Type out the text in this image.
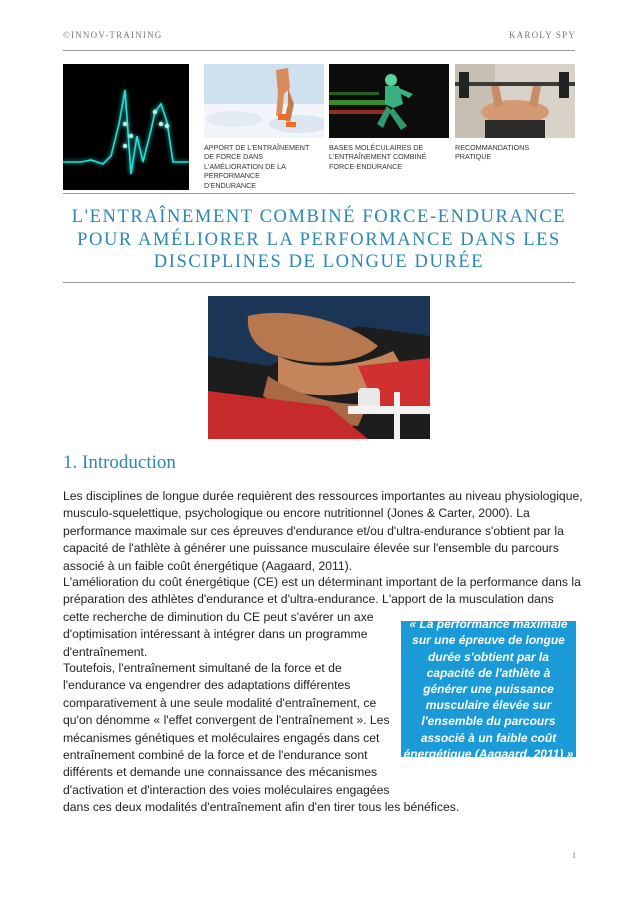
©INNOV-TRAINING	KAROLY SPY
APPORT DE L'ENTRAÎNEMENT
DE FORCE DANS
L'AMÉLIORATION DE LA
PERFORMANCE
D'ENDURANCE
BASES MOLÉCULAIRES DE
L'ENTRAÎNEMENT COMBINÉ
FORCE-ENDURANCE
RECOMMANDATIONS
PRATIQUE
L'ENTRAÎNEMENT COMBINÉ FORCE-ENDURANCE
POUR AMÉLIORER LA PERFORMANCE DANS LES
DISCIPLINES DE LONGUE DURÉE
1. Introduction
Les disciplines de longue durée requièrent des ressources importantes au niveau physiologique,
musculo-squelettique, psychologique ou encore nutritionnel (Jones & Carter, 2000). La
performance maximale sur ces épreuves d'endurance et/ou d'ultra-endurance s'obtient par la
capacité de l'athlète à générer une puissance musculaire élevée sur l'ensemble du parcours
associé à un faible coût énergétique (Aagaard, 2011).
L'amélioration du coût énergétique (CE) est un déterminant important de la performance dans la
préparation des athlètes d'endurance et d'ultra-endurance. L'apport de la musculation dans
cette recherche de diminution du CE peut s'avérer un axe
d'optimisation intéressant à intégrer dans un programme
d'entraînement.
Toutefois, l'entraînement simultané de la force et de
l'endurance va engendrer des adaptations différentes
comparativement à une seule modalité d'entraînement, ce
qu'on dénomme « l'effet convergent de l'entraînement ». Les
mécanismes génétiques et moléculaires engagés dans cet
entraînement combiné de la force et de l'endurance sont
différents et demande une connaissance des mécanismes
d'activation et d'interaction des voies moléculaires engagées
dans ces deux modalités d'entraînement afin d'en tirer tous les bénéfices.
« La performance maximale
sur une épreuve de longue
durée s'obtient par la
capacité de l'athlète à
générer une puissance
musculaire élevée sur
l'ensemble du parcours
associé à un faible coût
énergétique (Aagaard, 2011) »
1
